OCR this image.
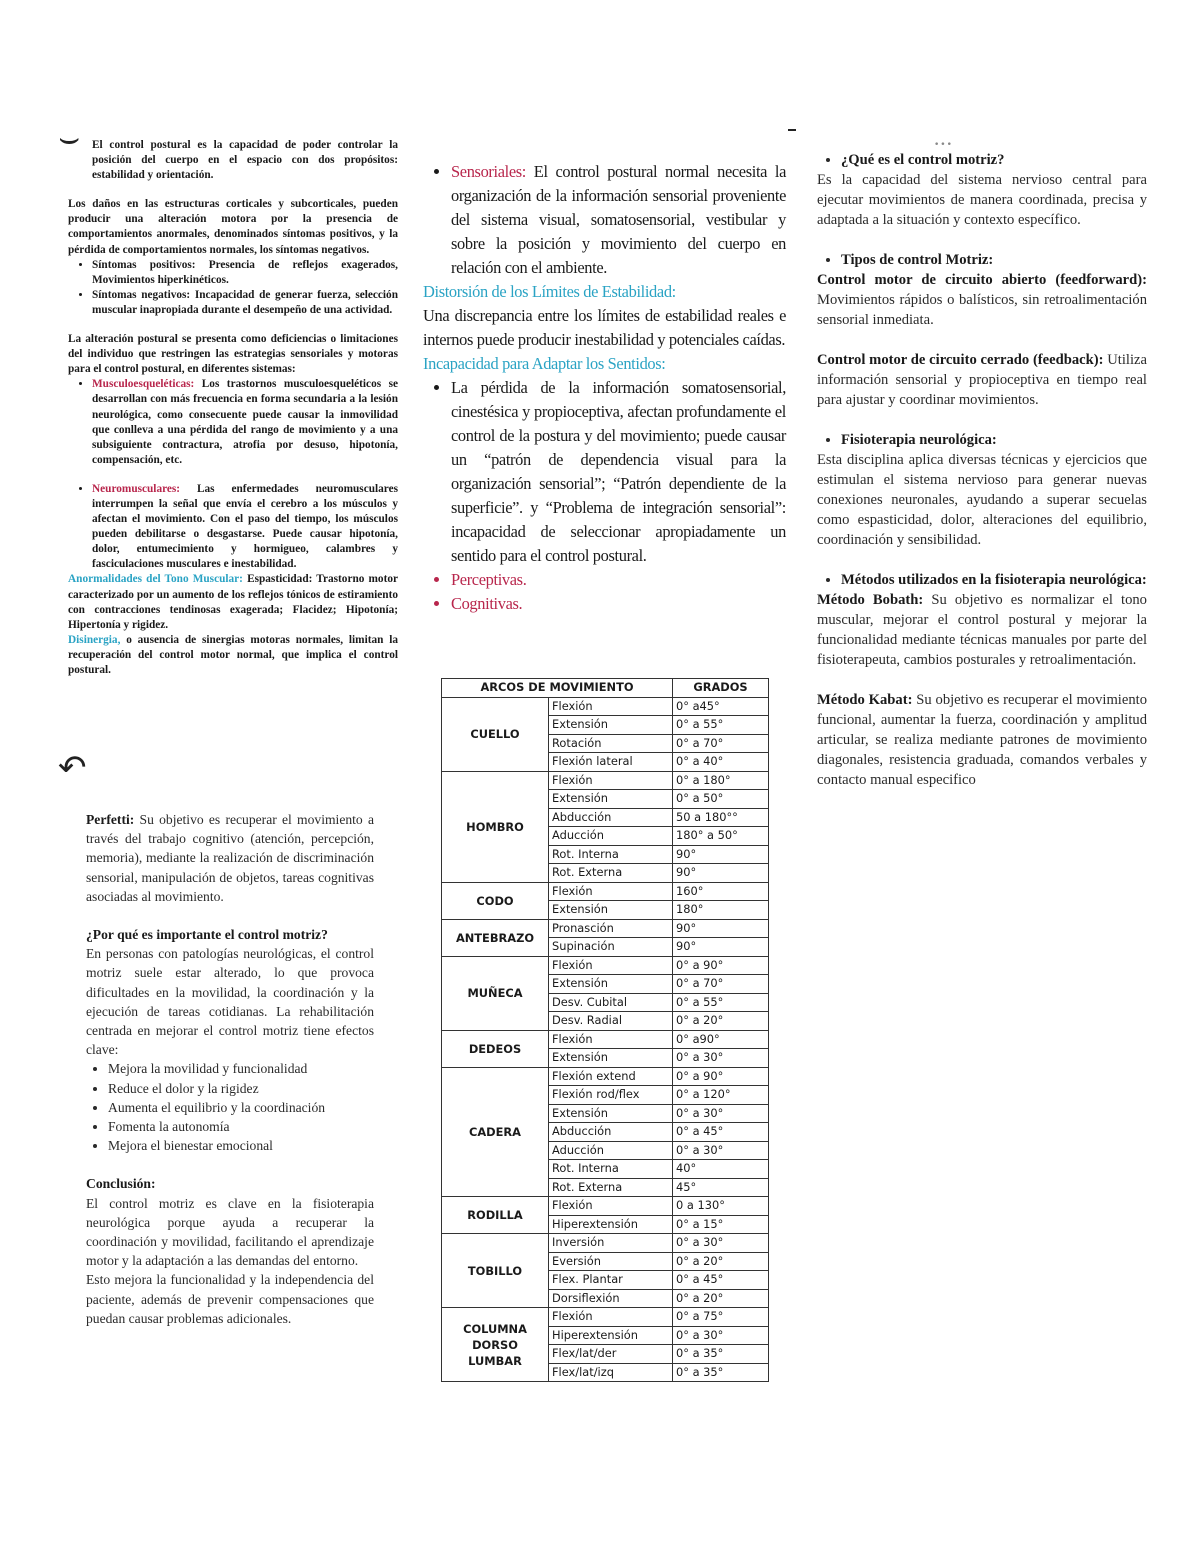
⌣
↶
•••

El control postural es la capacidad de poder controlar la posición del cuerpo en el espacio con dos propósitos: estabilidad y orientación.

Los daños en las estructuras corticales y subcorticales, pueden producir una alteración motora por la presencia de comportamientos anormales, denominados síntomas positivos, y la pérdida de comportamientos normales, los síntomas negativos.

• Síntomas positivos: Presencia de reflejos exagerados, Movimientos hiperkinéticos.
• Síntomas negativos: Incapacidad de generar fuerza, selección muscular inapropiada durante el desempeño de una actividad.

La alteración postural se presenta como deficiencias o limitaciones del individuo que restringen las estrategias sensoriales y motoras para el control postural, en diferentes sistemas:

• Musculoesqueléticas: Los trastornos musculoesqueléticos se desarrollan con más frecuencia en forma secundaria a la lesión neurológica, como consecuente puede causar la inmovilidad que conlleva a una pérdida del rango de movimiento y a una subsiguiente contractura, atrofia por desuso, hipotonía, compensación, etc.
• Neuromusculares: Las enfermedades neuromusculares interrumpen la señal que envía el cerebro a los músculos y afectan el movimiento. Con el paso del tiempo, los músculos pueden debilitarse o desgastarse. Puede causar hipotonía, dolor, entumecimiento y hormigueo, calambres y fasciculaciones musculares e inestabilidad.

Anormalidades del Tono Muscular: Espasticidad: Trastorno motor caracterizado por un aumento de los reflejos tónicos de estiramiento con contracciones tendinosas exagerada; Flacidez; Hipotonía; Hipertonía y rigidez.

Disinergia, o ausencia de sinergias motoras normales, limitan la recuperación del control motor normal, que implica el control postural.

Perfetti: Su objetivo es recuperar el movimiento a través del trabajo cognitivo (atención, percepción, memoria), mediante la realización de discriminación sensorial, manipulación de objetos, tareas cognitivas asociadas al movimiento.

¿Por qué es importante el control motriz?

En personas con patologías neurológicas, el control motriz suele estar alterado, lo que provoca dificultades en la movilidad, la coordinación y la ejecución de tareas cotidianas. La rehabilitación centrada en mejorar el control motriz tiene efectos clave:

• Mejora la movilidad y funcionalidad
• Reduce el dolor y la rigidez
• Aumenta el equilibrio y la coordinación
• Fomenta la autonomía
• Mejora el bienestar emocional

Conclusión:

El control motriz es clave en la fisioterapia neurológica porque ayuda a recuperar la coordinación y movilidad, facilitando el aprendizaje motor y la adaptación a las demandas del entorno.

Esto mejora la funcionalidad y la independencia del paciente, además de prevenir compensaciones que puedan causar problemas adicionales.

• Sensoriales: El control postural normal necesita la organización de la información sensorial proveniente del sistema visual, somatosensorial, vestibular y sobre la posición y movimiento del cuerpo en relación con el ambiente.
Distorsión de los Límites de Estabilidad:

Una discrepancia entre los límites de estabilidad reales e internos puede producir inestabilidad y potenciales caídas.

Incapacidad para Adaptar los Sentidos:
• La pérdida de la información somatosensorial, cinestésica y propioceptiva, afectan profundamente el control de la postura y del movimiento; puede causar un “patrón de dependencia visual para la organización sensorial”; “Patrón dependiente de la superficie”. y “Problema de integración sensorial”: incapacidad de seleccionar apropiadamente un sentido para el control postural.
• Perceptivas.
• Cognitivas.
ARCOS DE MOVIMIENTO		GRADOS
CUELLO	Flexión	0° a45°
	Extensión	0° a 55°
	Rotación	0° a 70°
	Flexión lateral	0° a 40°
HOMBRO	Flexión	0° a 180°
	Extensión	0° a 50°
	Abducción	50 a 180°°
	Aducción	180° a 50°
	Rot. Interna	90°
	Rot. Externa	90°
CODO	Flexión	160°
	Extensión	180°
ANTEBRAZO	Pronasción	90°
	Supinación	90°
MUÑECA	Flexión	0° a 90°
	Extensión	0° a 70°
	Desv. Cubital	0° a 55°
	Desv. Radial	0° a 20°
DEDEOS	Flexión	0° a90°
	Extensión	0° a 30°
CADERA	Flexión extend	0° a 90°
	Flexión rod/flex	0° a 120°
	Extensión	0° a 30°
	Abducción	0° a 45°
	Aducción	0° a 30°
	Rot. Interna	40°
	Rot. Externa	45°
RODILLA	Flexión	0 a 130°
	Hiperextensión	0° a 15°
TOBILLO	Inversión	0° a 30°
	Eversión	0° a 20°
	Flex. Plantar	0° a 45°
	Dorsiflexión	0° a 20°
COLUMNA DORSO LUMBAR	Flexión	0° a 75°
	Hiperextensión	0° a 30°
	Flex/lat/der	0° a 35°
	Flex/lat/izq	0° a 35°
• ¿Qué es el control motriz?

Es la capacidad del sistema nervioso central para ejecutar movimientos de manera coordinada, precisa y adaptada a la situación y contexto específico.

• Tipos de control Motriz:

Control motor de circuito abierto (feedforward): Movimientos rápidos o balísticos, sin retroalimentación sensorial inmediata.

Control motor de circuito cerrado (feedback): Utiliza información sensorial y propioceptiva en tiempo real para ajustar y coordinar movimientos.

• Fisioterapia neurológica:

Esta disciplina aplica diversas técnicas y ejercicios que estimulan el sistema nervioso para generar nuevas conexiones neuronales, ayudando a superar secuelas como espasticidad, dolor, alteraciones del equilibrio, coordinación y sensibilidad.

• Métodos utilizados en la fisioterapia neurológica:

Método Bobath: Su objetivo es normalizar el tono muscular, mejorar el control postural y mejorar la funcionalidad mediante técnicas manuales por parte del fisioterapeuta, cambios posturales y retroalimentación.

Método Kabat: Su objetivo es recuperar el movimiento funcional, aumentar la fuerza, coordinación y amplitud articular, se realiza mediante patrones de movimiento diagonales, resistencia graduada, comandos verbales y contacto manual especifico
